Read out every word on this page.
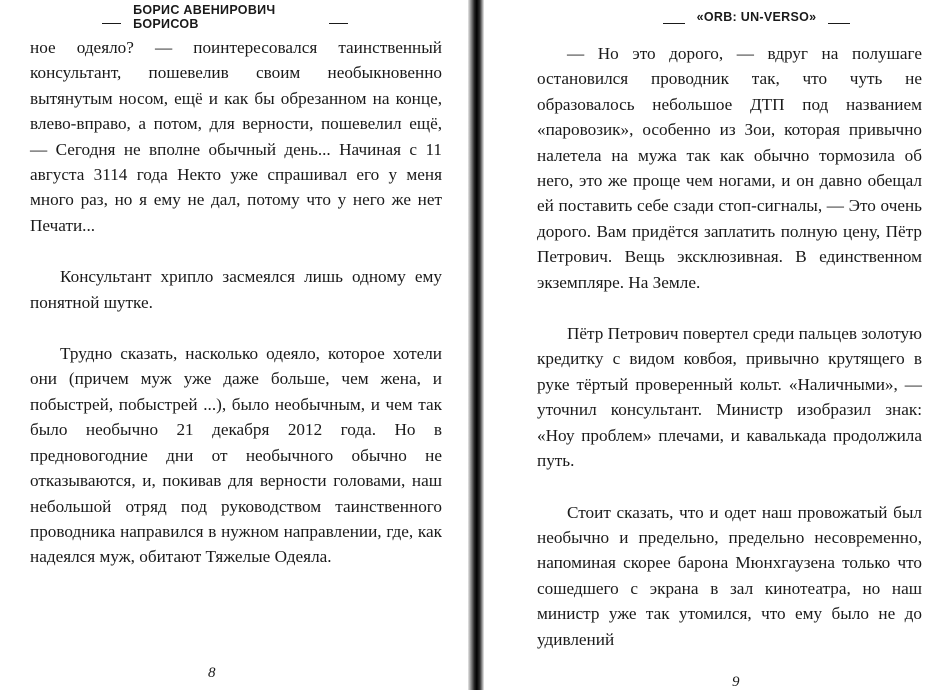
БОРИС АВЕНИРОВИЧ БОРИСОВ

ное одеяло? — поинтересовался таинственный консультант, пошевелив своим необыкновенно вытянутым носом, ещё и как бы обрезанном на конце, влево-вправо, а потом, для верности, пошевелил ещё, — Сегодня не вполне обычный день... Начиная с 11 августа 3114 года Некто уже спрашивал его у меня много раз, но я ему не дал, потому что у него же нет Печати...

Консультант хрипло засмеялся лишь одному ему понятной шутке.

Трудно сказать, насколько одеяло, которое хотели они (причем муж уже даже больше, чем жена, и побыстрей, побыстрей ...), было необычным, и чем так было необычно 21 декабря 2012 года. Но в предновогодние дни от необычного обычно не отказываются, и, покивав для верности головами, наш небольшой отряд под руководством таинственного проводника направился в нужном направлении, где, как надеялся муж, обитают Тяжелые Одеяла.

8
«ORB: UN-VERSO»

— Но это дорого, — вдруг на полушаге остановился проводник так, что чуть не образовалось небольшое ДТП под названием «паровозик», особенно из Зои, которая привычно налетела на мужа так как обычно тормозила об него, это же проще чем ногами, и он давно обещал ей поставить себе сзади стоп-сигналы, — Это очень дорого. Вам придётся заплатить полную цену, Пётр Петрович. Вещь эксклюзивная. В единственном экземпляре. На Земле.

Пётр Петрович повертел среди пальцев золотую кредитку с видом ковбоя, привычно крутящего в руке тёртый проверенный кольт. «Наличными», — уточнил консультант. Министр изобразил знак: «Ноу проблем» плечами, и кавалькада продолжила путь.

Стоит сказать, что и одет наш провожатый был необычно и предельно, предельно несовременно, напоминая скорее барона Мюнхгаузена только что сошедшего с экрана в зал кинотеатра, но наш министр уже так утомился, что ему было не до удивлений

9
